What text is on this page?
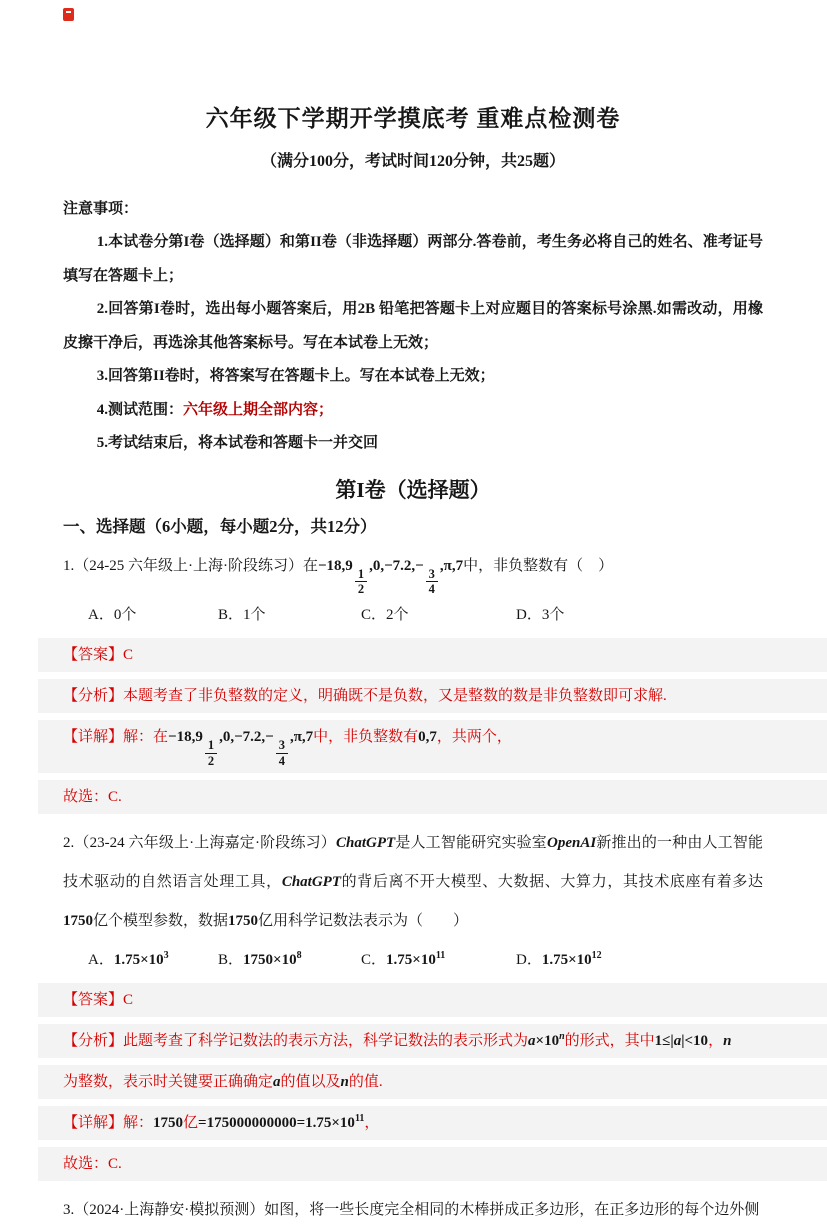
六年级下学期开学摸底考 重难点检测卷
（满分100分，考试时间120分钟，共25题）
注意事项：

1.本试卷分第I卷（选择题）和第II卷（非选择题）两部分.答卷前，考生务必将自己的姓名、准考证号填写在答题卡上；

2.回答第I卷时，选出每小题答案后，用2B 铅笔把答题卡上对应题目的答案标号涂黑.如需改动，用橡皮擦干净后，再选涂其他答案标号。写在本试卷上无效；

3.回答第II卷时，将答案写在答题卡上。写在本试卷上无效；

4.测试范围：六年级上期全部内容；

5.考试结束后，将本试卷和答题卡一并交回

第I卷（选择题）
一、选择题（6小题，每小题2分，共12分）
1.（24-25 六年级上·上海·阶段练习）在−18,9
$\frac{1}{2}$
,0,−7.2,−
$\frac{3}{4}$
,π,7中，非负整数有（　）
A．0个	B．1个	C．2个	D．3个
【答案】C
【分析】本题考查了非负整数的定义，明确既不是负数，又是整数的数是非负整数即可求解.
【详解】解：在−18,9
$\frac{1}{2}$
,0,−7.2,−
$\frac{3}{4}$
,π,7中，非负整数有0,7，共两个，
故选：C.
2.（23-24 六年级上·上海嘉定·阶段练习）ChatGPT是人工智能研究实验室OpenAI新推出的一种由人工智能技术驱动的自然语言处理工具，ChatGPT的背后离不开大模型、大数据、大算力，其技术底座有着多达1750亿个模型参数，数据1750亿用科学记数法表示为（　　）
A．$1.75\times 10^3$	B．$1750\times 10^8$	C．$1.75\times 10^{11}$	D．$1.75\times 10^{12}$
【答案】C
【分析】此题考查了科学记数法的表示方法，科学记数法的表示形式为$a\times 10^n$的形式，其中1≤|a|<10，n
为整数，表示时关键要正确确定a的值以及n的值.
【详解】解：1750亿$=175000000000=1.75\times 10^{11}$，
故选：C.
3.（2024·上海静安·模拟预测）如图，将一些长度完全相同的木棒拼成正多边形，在正多边形的每个边外侧
